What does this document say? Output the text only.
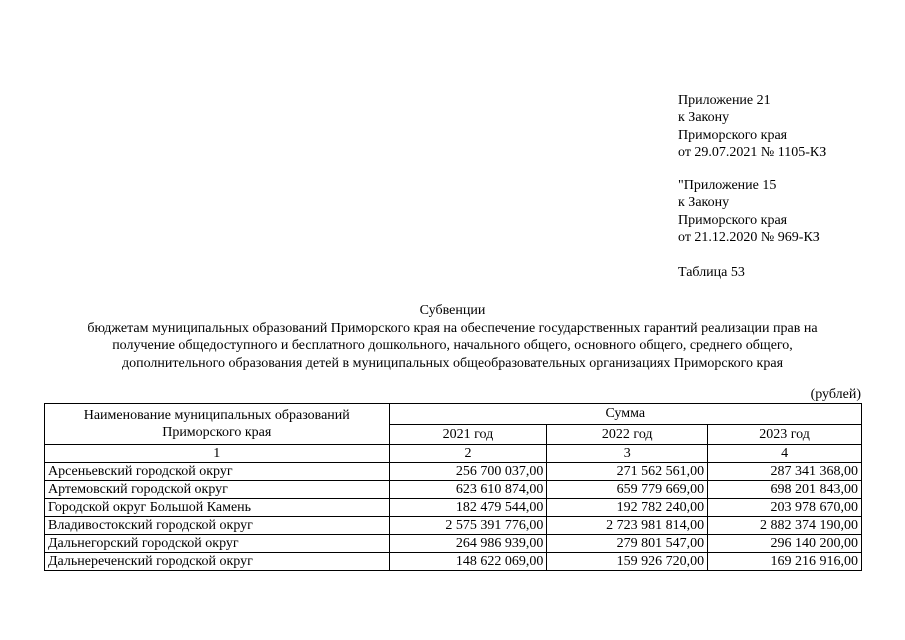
Приложение 21
к Закону
Приморского края
от 29.07.2021 № 1105-КЗ
"Приложение 15
к Закону
Приморского края
от 21.12.2020 № 969-КЗ
Таблица 53
Субвенции
бюджетам муниципальных образований Приморского края на обеспечение государственных гарантий реализации прав на
получение общедоступного и бесплатного дошкольного, начального общего, основного общего, среднего общего,
дополнительного образования детей в муниципальных общеобразовательных организациях Приморского края
(рублей)
Наименование муниципальных образований
Приморского края	Сумма		
	2021 год	2022 год	2023 год
1	2	3	4
Арсеньевский городской округ	256 700 037,00	271 562 561,00	287 341 368,00
Артемовский городской округ	623 610 874,00	659 779 669,00	698 201 843,00
Городской округ Большой Камень	182 479 544,00	192 782 240,00	203 978 670,00
Владивостокский городской округ	2 575 391 776,00	2 723 981 814,00	2 882 374 190,00
Дальнегорский городской округ	264 986 939,00	279 801 547,00	296 140 200,00
Дальнереченский городской округ	148 622 069,00	159 926 720,00	169 216 916,00
